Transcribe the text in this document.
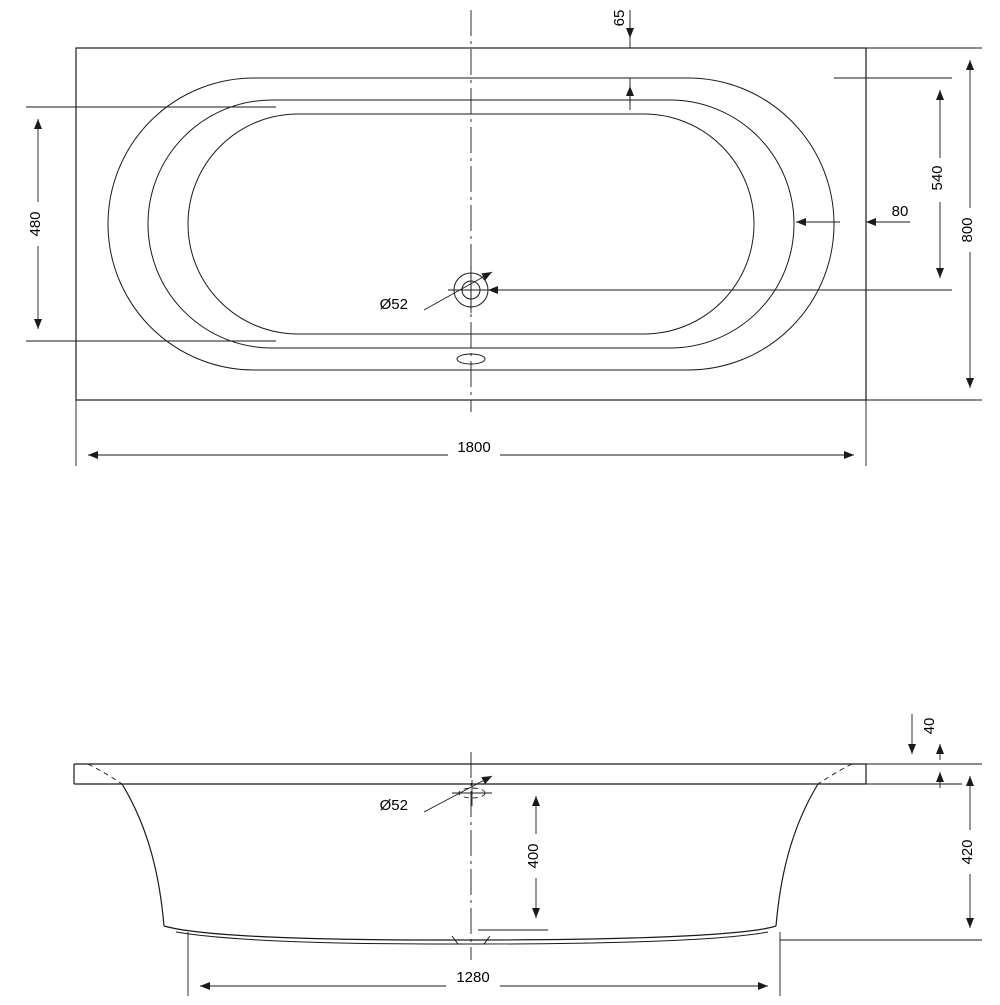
Ø52
1800
800
540
480
65
80
Ø52
400
1280
420
40
